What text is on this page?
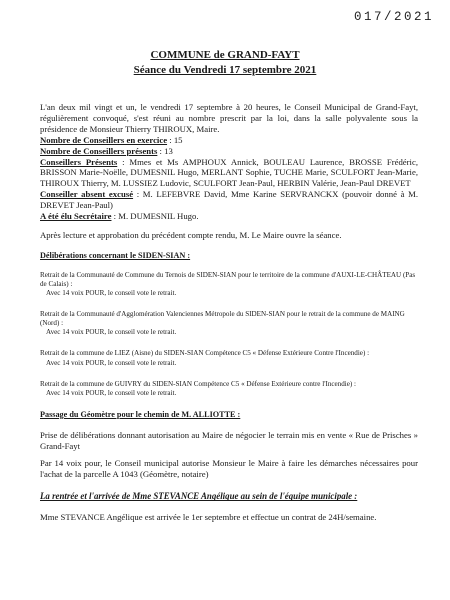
017/2021
COMMUNE de GRAND-FAYT
Séance du Vendredi 17 septembre 2021

L'an deux mil vingt et un, le vendredi 17 septembre à 20 heures, le Conseil Municipal de Grand-Fayt, régulièrement convoqué, s'est réuni au nombre prescrit par la loi, dans la salle polyvalente sous la présidence de Monsieur Thierry THIROUX, Maire.

Nombre de Conseillers en exercice : 15

Nombre de Conseillers présents : 13

Conseillers Présents : Mmes et Ms AMPHOUX Annick, BOULEAU Laurence, BROSSE Frédéric, BRISSON Marie-Noëlle, DUMESNIL Hugo, MERLANT Sophie, TUCHE Marie, SCULFORT Jean-Marie, THIROUX Thierry, M. LUSSIEZ Ludovic, SCULFORT Jean-Paul, HERBIN Valérie, Jean-Paul DREVET

Conseiller absent excusé : M. LEFEBVRE David, Mme Karine SERVRANCKX (pouvoir donné à M. DREVET Jean-Paul)

A été élu Secrétaire : M. DUMESNIL Hugo.

Après lecture et approbation du précédent compte rendu, M. Le Maire ouvre la séance.

Délibérations concernant le SIDEN-SIAN :

Retrait de la Communauté de Commune du Ternois de SIDEN-SIAN pour le territoire de la commune d'AUXI-LE-CHÂTEAU (Pas de Calais) :

Avec 14 voix POUR, le conseil vote le retrait.

Retrait de la Communauté d'Agglomération Valenciennes Métropole du SIDEN-SIAN pour le retrait de la commune de MAING (Nord) :

Avec 14 voix POUR, le conseil vote le retrait.

Retrait de la commune de LIEZ (Aisne) du SIDEN-SIAN Compétence C5 « Défense Extérieure Contre l'Incendie) :

Avec 14 voix POUR, le conseil vote le retrait.

Retrait de la commune de GUIVRY du SIDEN-SIAN Compétence C5 « Défense Extérieure contre l'Incendie) :

Avec 14 voix POUR, le conseil vote le retrait.

Passage du Géomètre pour le chemin de M. ALLIOTTE :

Prise de délibérations donnant autorisation au Maire de négocier le terrain mis en vente « Rue de Prisches » Grand-Fayt

Par 14 voix pour, le Conseil municipal autorise Monsieur le Maire à faire les démarches nécessaires pour l'achat de la parcelle A 1043 (Géomètre, notaire)

La rentrée et l'arrivée de Mme STEVANCE Angélique au sein de l'équipe municipale :

Mme STEVANCE Angélique est arrivée le 1er septembre et effectue un contrat de 24H/semaine.
